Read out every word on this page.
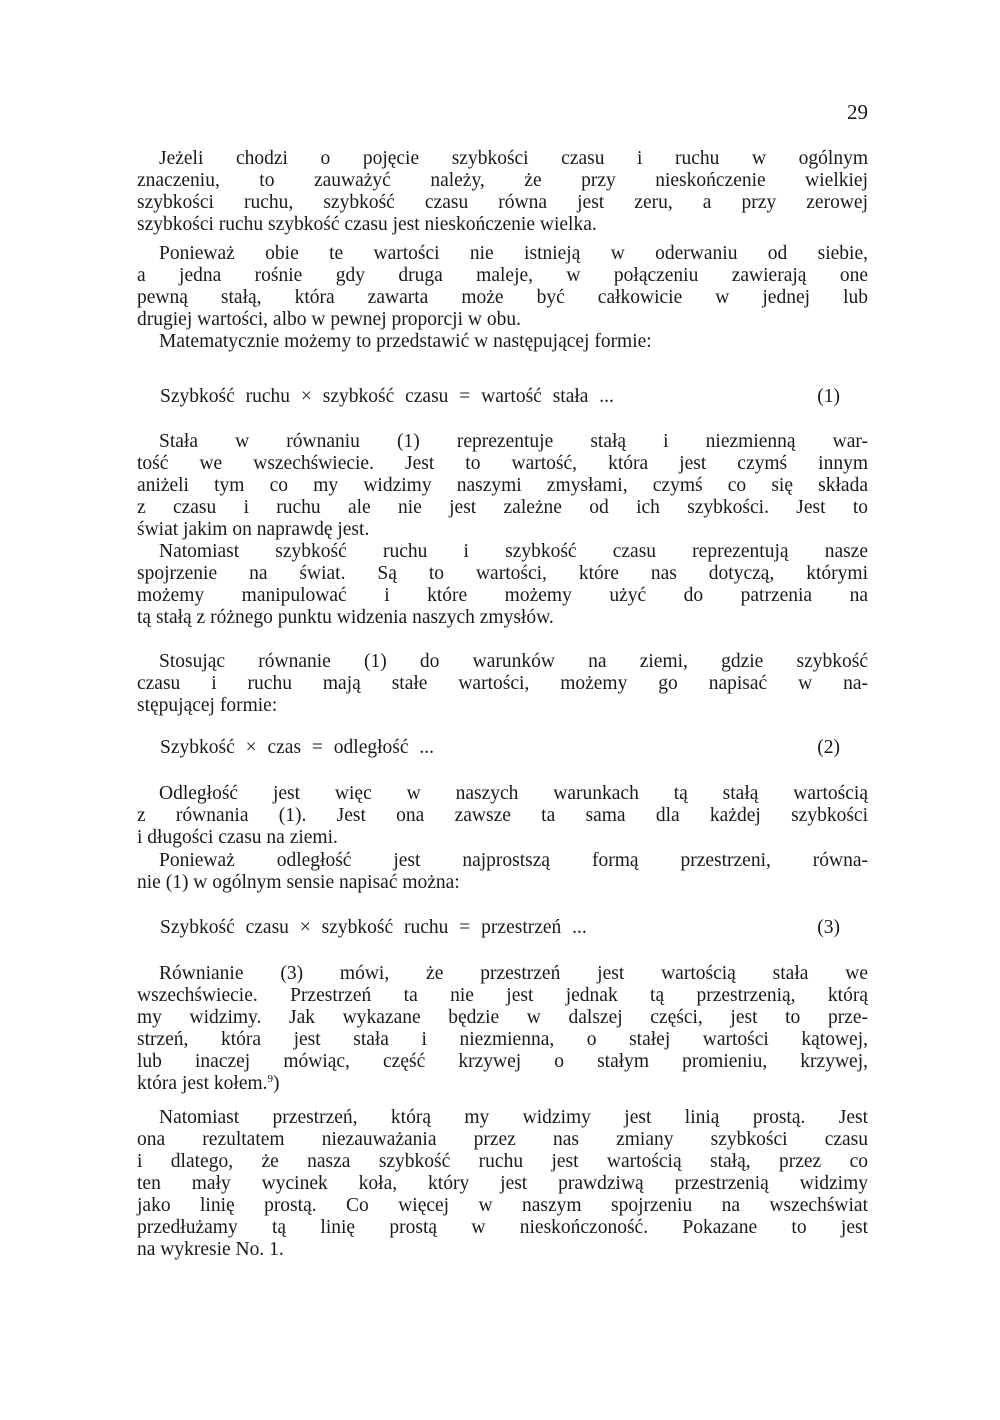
29
Jeżeli chodzi o pojęcie szybkości czasu i ruchu w ogólnym
znaczeniu, to zauważyć należy, że przy nieskończenie wielkiej
szybkości ruchu, szybkość czasu równa jest zeru, a przy zerowej
szybkości ruchu szybkość czasu jest nieskończenie wielka.
Ponieważ obie te wartości nie istnieją w oderwaniu od siebie,
a jedna rośnie gdy druga maleje, w połączeniu zawierają one
pewną stałą, która zawarta może być całkowicie w jednej lub
drugiej wartości, albo w pewnej proporcji w obu.
Matematycznie możemy to przedstawić w następującej formie:
Szybkość ruchu × szybkość czasu = wartość stała ...	(1)
Stała w równaniu (1) reprezentuje stałą i niezmienną war-
tość we wszechświecie. Jest to wartość, która jest czymś innym
aniżeli tym co my widzimy naszymi zmysłami, czymś co się składa
z czasu i ruchu ale nie jest zależne od ich szybkości. Jest to
świat jakim on naprawdę jest.
Natomiast szybkość ruchu i szybkość czasu reprezentują nasze
spojrzenie na świat. Są to wartości, które nas dotyczą, którymi
możemy manipulować i które możemy użyć do patrzenia na
tą stałą z różnego punktu widzenia naszych zmysłów.
Stosując równanie (1) do warunków na ziemi, gdzie szybkość
czasu i ruchu mają stałe wartości, możemy go napisać w na-
stępującej formie:
Szybkość × czas = odległość ...	(2)
Odległość jest więc w naszych warunkach tą stałą wartością
z równania (1). Jest ona zawsze ta sama dla każdej szybkości
i długości czasu na ziemi.
Ponieważ odległość jest najprostszą formą przestrzeni, równa-
nie (1) w ogólnym sensie napisać można:
Szybkość czasu × szybkość ruchu = przestrzeń ...	(3)
Równianie (3) mówi, że przestrzeń jest wartością stała we
wszechświecie. Przestrzeń ta nie jest jednak tą przestrzenią, którą
my widzimy. Jak wykazane będzie w dalszej części, jest to prze-
strzeń, która jest stała i niezmienna, o stałej wartości kątowej,
lub inaczej mówiąc, część krzywej o stałym promieniu, krzywej,
która jest kołem.$^9$)
Natomiast przestrzeń, którą my widzimy jest linią prostą. Jest
ona rezultatem niezauważania przez nas zmiany szybkości czasu
i dlatego, że nasza szybkość ruchu jest wartością stałą, przez co
ten mały wycinek koła, który jest prawdziwą przestrzenią widzimy
jako linię prostą. Co więcej w naszym spojrzeniu na wszechświat
przedłużamy tą linię prostą w nieskończoność. Pokazane to jest
na wykresie No. 1.
